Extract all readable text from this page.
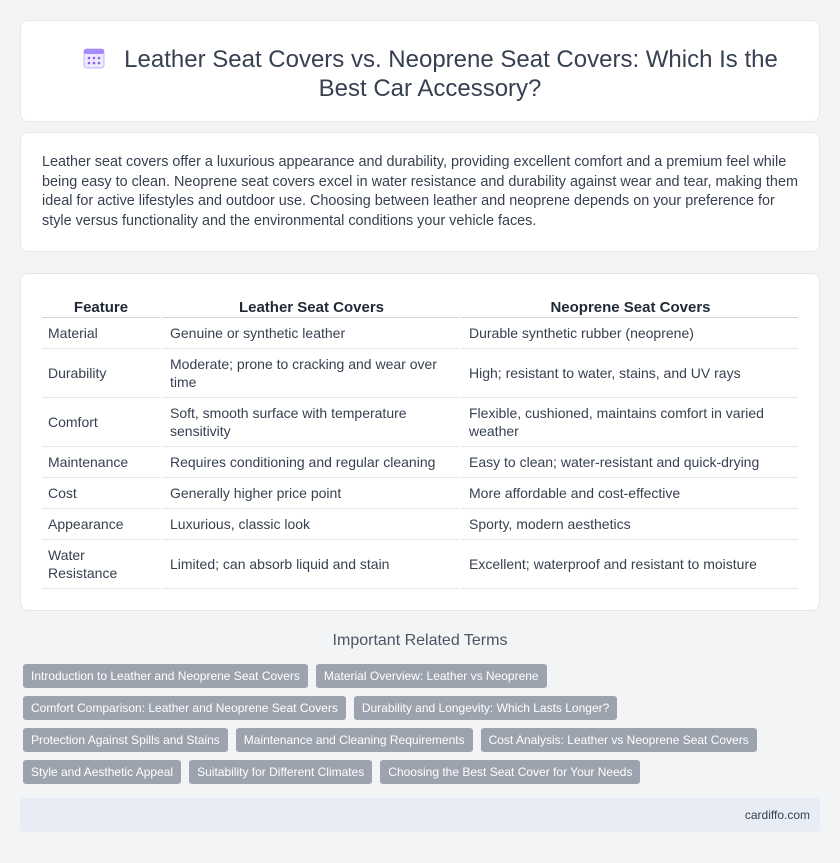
Leather Seat Covers vs. Neoprene Seat Covers: Which Is the Best Car Accessory?

Leather seat covers offer a luxurious appearance and durability, providing excellent comfort and a premium feel while being easy to clean. Neoprene seat covers excel in water resistance and durability against wear and tear, making them ideal for active lifestyles and outdoor use. Choosing between leather and neoprene depends on your preference for style versus functionality and the environmental conditions your vehicle faces.

Feature	Leather Seat Covers	Neoprene Seat Covers
Material	Genuine or synthetic leather	Durable synthetic rubber (neoprene)
Durability	Moderate; prone to cracking and wear over time	High; resistant to water, stains, and UV rays
Comfort	Soft, smooth surface with temperature sensitivity	Flexible, cushioned, maintains comfort in varied weather
Maintenance	Requires conditioning and regular cleaning	Easy to clean; water-resistant and quick-drying
Cost	Generally higher price point	More affordable and cost-effective
Appearance	Luxurious, classic look	Sporty, modern aesthetics
Water Resistance	Limited; can absorb liquid and stain	Excellent; waterproof and resistant to moisture
Important Related Terms
Introduction to Leather and Neoprene Seat Covers	Material Overview: Leather vs Neoprene
Comfort Comparison: Leather and Neoprene Seat Covers	Durability and Longevity: Which Lasts Longer?
Protection Against Spills and Stains	Maintenance and Cleaning Requirements	Cost Analysis: Leather vs Neoprene Seat Covers
Style and Aesthetic Appeal	Suitability for Different Climates	Choosing the Best Seat Cover for Your Needs
cardiffo.com
